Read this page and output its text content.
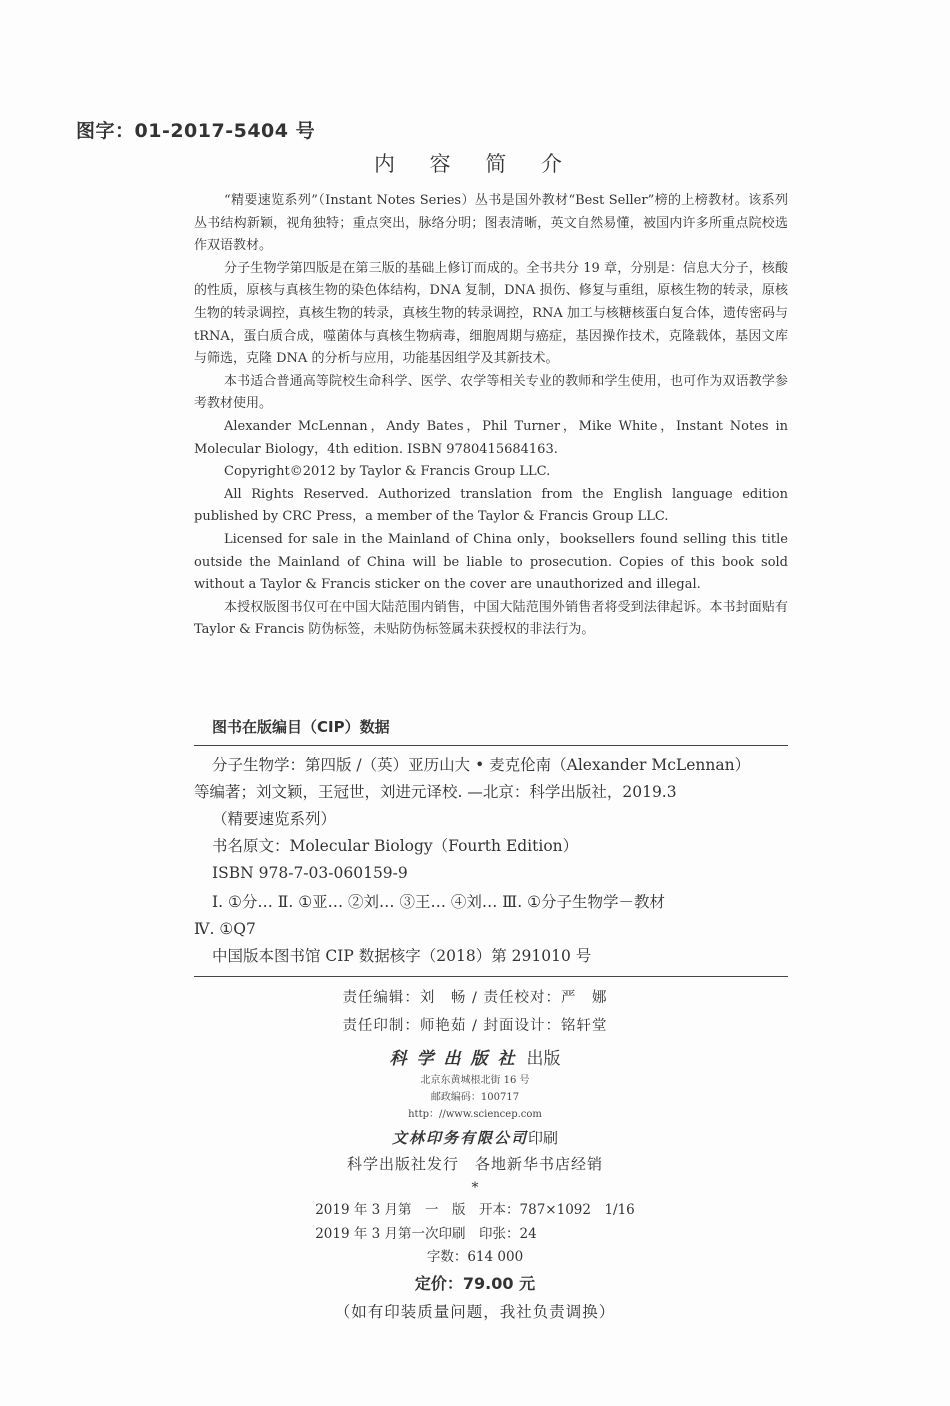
图字：01-2017-5404 号
内 容 简 介

“精要速览系列”（Instant Notes Series）丛书是国外教材“Best Seller”榜的上榜教材。该系列丛书结构新颖，视角独特；重点突出，脉络分明；图表清晰，英文自然易懂，被国内许多所重点院校选作双语教材。

分子生物学第四版是在第三版的基础上修订而成的。全书共分 19 章，分别是：信息大分子，核酸的性质，原核与真核生物的染色体结构，DNA 复制，DNA 损伤、修复与重组，原核生物的转录，原核生物的转录调控，真核生物的转录，真核生物的转录调控，RNA 加工与核糖核蛋白复合体，遗传密码与 tRNA，蛋白质合成，噬菌体与真核生物病毒，细胞周期与癌症，基因操作技术，克隆载体，基因文库与筛选，克隆 DNA 的分析与应用，功能基因组学及其新技术。

本书适合普通高等院校生命科学、医学、农学等相关专业的教师和学生使用，也可作为双语教学参考教材使用。

Alexander McLennan，Andy Bates，Phil Turner，Mike White，Instant Notes in Molecular Biology，4th edition. ISBN 9780415684163.

Copyright©2012 by Taylor & Francis Group LLC.

All Rights Reserved. Authorized translation from the English language edition published by CRC Press，a member of the Taylor & Francis Group LLC.

Licensed for sale in the Mainland of China only，booksellers found selling this title outside the Mainland of China will be liable to prosecution. Copies of this book sold without a Taylor & Francis sticker on the cover are unauthorized and illegal.

本授权版图书仅可在中国大陆范围内销售，中国大陆范围外销售者将受到法律起诉。本书封面贴有 Taylor & Francis 防伪标签，未贴防伪标签属未获授权的非法行为。

图书在版编目（CIP）数据
分子生物学：第四版 /（英）亚历山大 • 麦克伦南（Alexander McLennan）
等编著；刘文颖，王冠世，刘进元译校. —北京：科学出版社，2019.3
（精要速览系列）
书名原文：Molecular Biology（Fourth Edition）
ISBN 978-7-03-060159-9
Ⅰ. ①分… Ⅱ. ①亚… ②刘… ③王… ④刘… Ⅲ. ①分子生物学－教材
Ⅳ. ①Q7
中国版本图书馆 CIP 数据核字（2018）第 291010 号
责任编辑：刘　畅 / 责任校对：严　娜
责任印制：师艳茹 / 封面设计：铭轩堂
科学出版社 出版
北京东黄城根北街 16 号
邮政编码：100717
http：//www.sciencep.com
文林印务有限公司印刷
科学出版社发行　各地新华书店经销
*
2019 年 3 月第　一　版　开本：787×1092　1/16
2019 年 3 月第一次印刷　印张：24
字数：614 000
定价：79.00 元
（如有印装质量问题，我社负责调换）
